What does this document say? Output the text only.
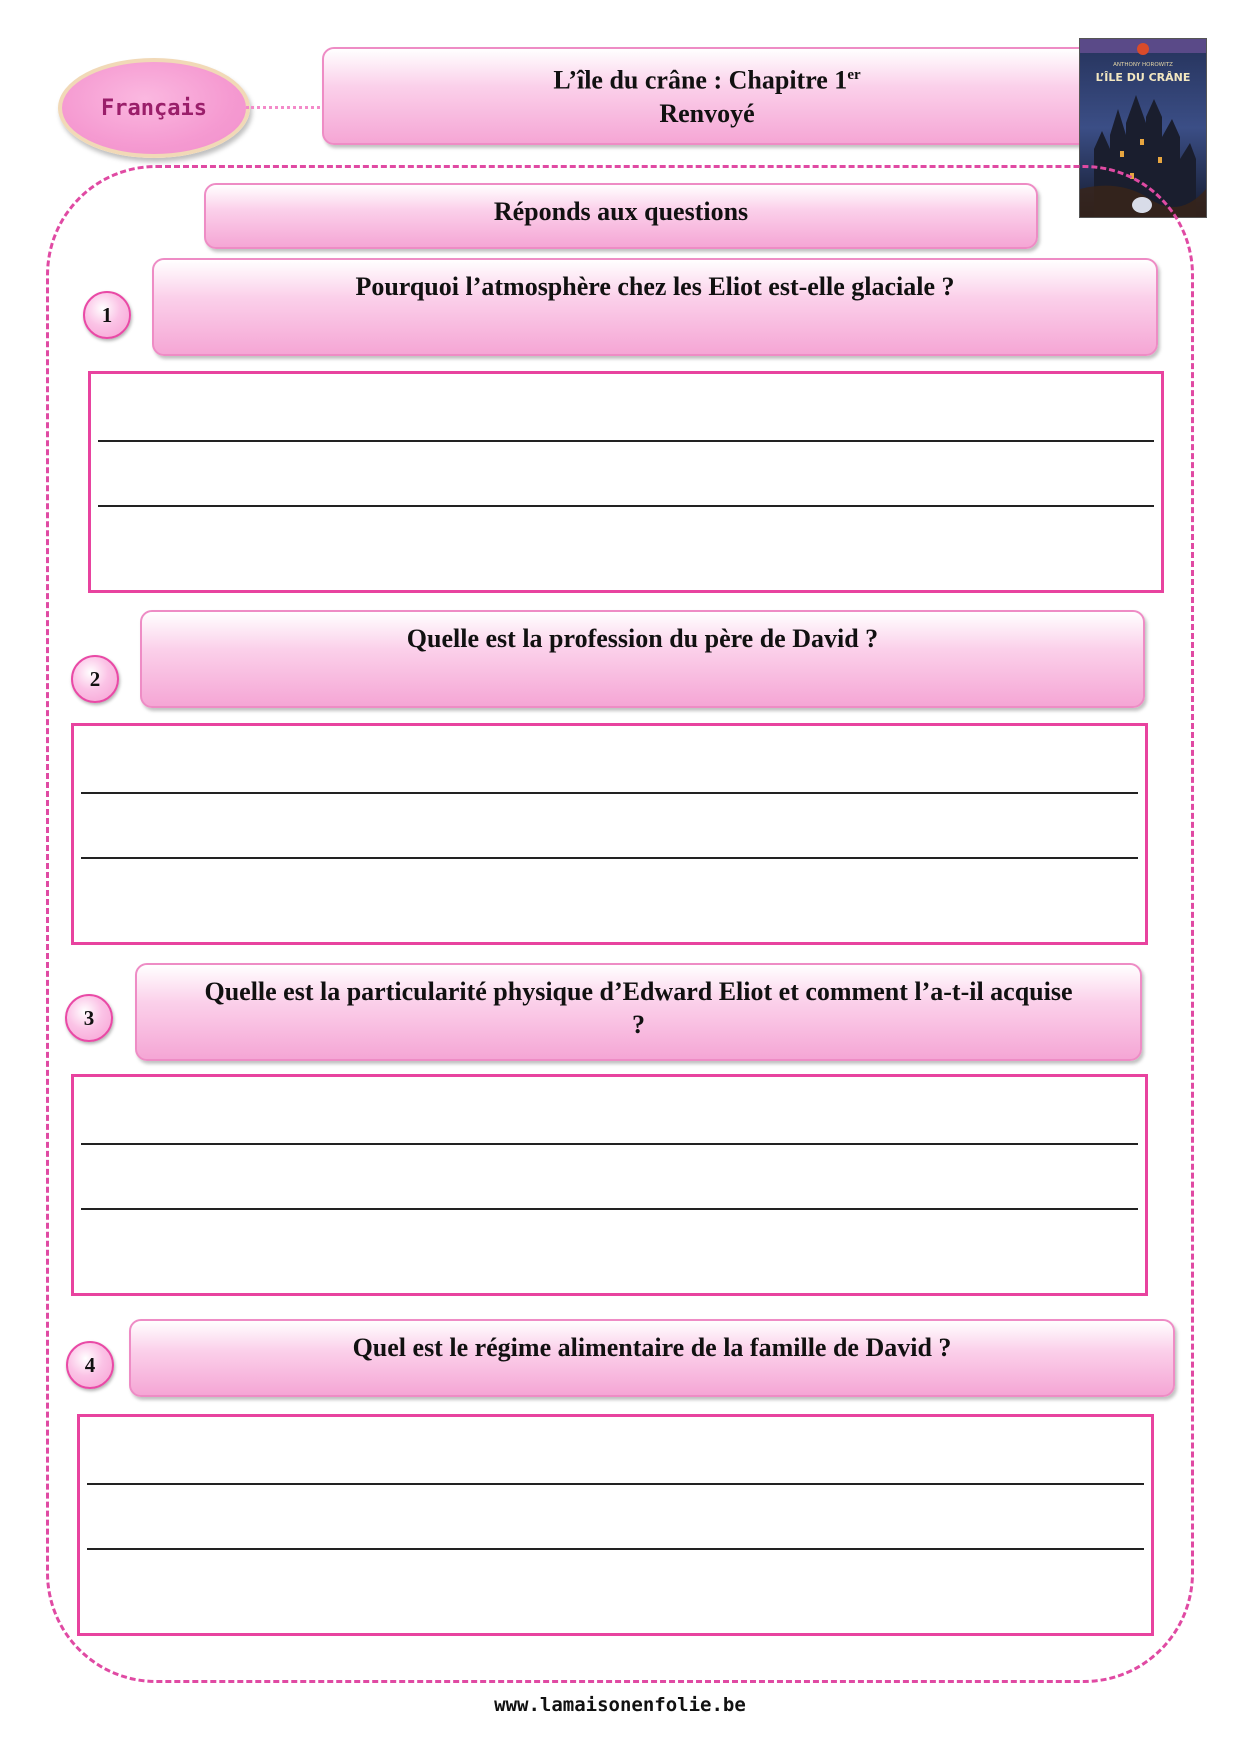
Français
L’île du crâne : Chapitre 1er
Renvoyé
ANTHONY HOROWITZ
L’ÎLE DU CRÂNE
Réponds aux questions
1
Pourquoi l’atmosphère chez les Eliot est-elle glaciale ?
2
Quelle est la profession du père de David ?
3
Quelle est la particularité physique d’Edward Eliot et comment l’a-t-il acquise ?
4
Quel est le régime alimentaire de la famille de David ?
www.lamaisonenfolie.be
